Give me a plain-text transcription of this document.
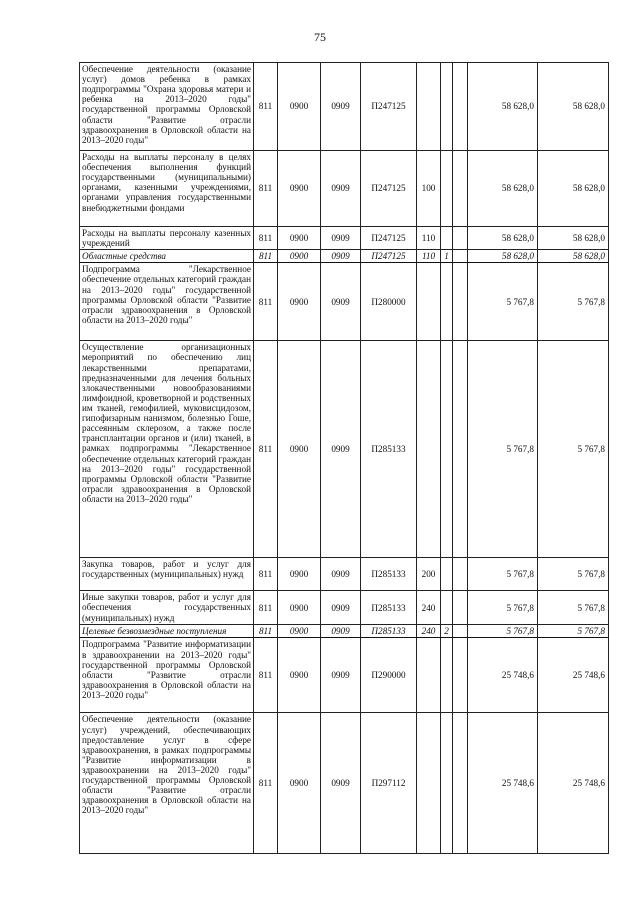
75
Обеспечение деятельности (оказание услуг) домов ребенка в рамках подпрограммы "Охрана здоровья матери и ребенка на 2013–2020 годы" государственной программы Орловской области "Развитие отрасли здравоохранения в Орловской области на 2013–2020 годы"	811	0900	0909	П247125				58 628,0	58 628,0
Расходы на выплаты персоналу в целях обеспечения выполнения функций государственными (муниципальными) органами, казенными учреждениями, органами управления государственными внебюджетными фондами	811	0900	0909	П247125	100			58 628,0	58 628,0
Расходы на выплаты персоналу казенных учреждений	811	0900	0909	П247125	110			58 628,0	58 628,0
Областные средства	811	0900	0909	П247125	110	1		58 628,0	58 628,0
Подпрограмма "Лекарственное обеспечение отдельных категорий граждан на 2013–2020 годы" государственной программы Орловской области "Развитие отрасли здравоохранения в Орловской области на 2013–2020 годы"	811	0900	0909	П280000				5 767,8	5 767,8
Осуществление организационных мероприятий по обеспечению лиц лекарственными препаратами, предназначенными для лечения больных злокачественными новообразованиями лимфоидной, кроветворной и родственных им тканей, гемофилией, муковисцидозом, гипофизарным нанизмом, болезнью Гоше, рассеянным склерозом, а также после трансплантации органов и (или) тканей, в рамках подпрограммы "Лекарственное обеспечение отдельных категорий граждан на 2013–2020 годы" государственной программы Орловской области "Развитие отрасли здравоохранения в Орловской области на 2013–2020 годы"	811	0900	0909	П285133				5 767,8	5 767,8
Закупка товаров, работ и услуг для государственных (муниципальных) нужд	811	0900	0909	П285133	200			5 767,8	5 767,8
Иные закупки товаров, работ и услуг для обеспечения государственных (муниципальных) нужд	811	0900	0909	П285133	240			5 767,8	5 767,8
Целевые безвозмездные поступления	811	0900	0909	П285133	240	2		5 767,8	5 767,8
Подпрограмма "Развитие информатизации в здравоохранении на 2013–2020 годы" государственной программы Орловской области "Развитие отрасли здравоохранения в Орловской области на 2013–2020 годы"	811	0900	0909	П290000				25 748,6	25 748,6
Обеспечение деятельности (оказание услуг) учреждений, обеспечивающих предоставление услуг в сфере здравоохранения, в рамках подпрограммы "Развитие информатизации в здравоохранении на 2013–2020 годы" государственной программы Орловской области "Развитие отрасли здравоохранения в Орловской области на 2013–2020 годы"	811	0900	0909	П297112				25 748,6	25 748,6
